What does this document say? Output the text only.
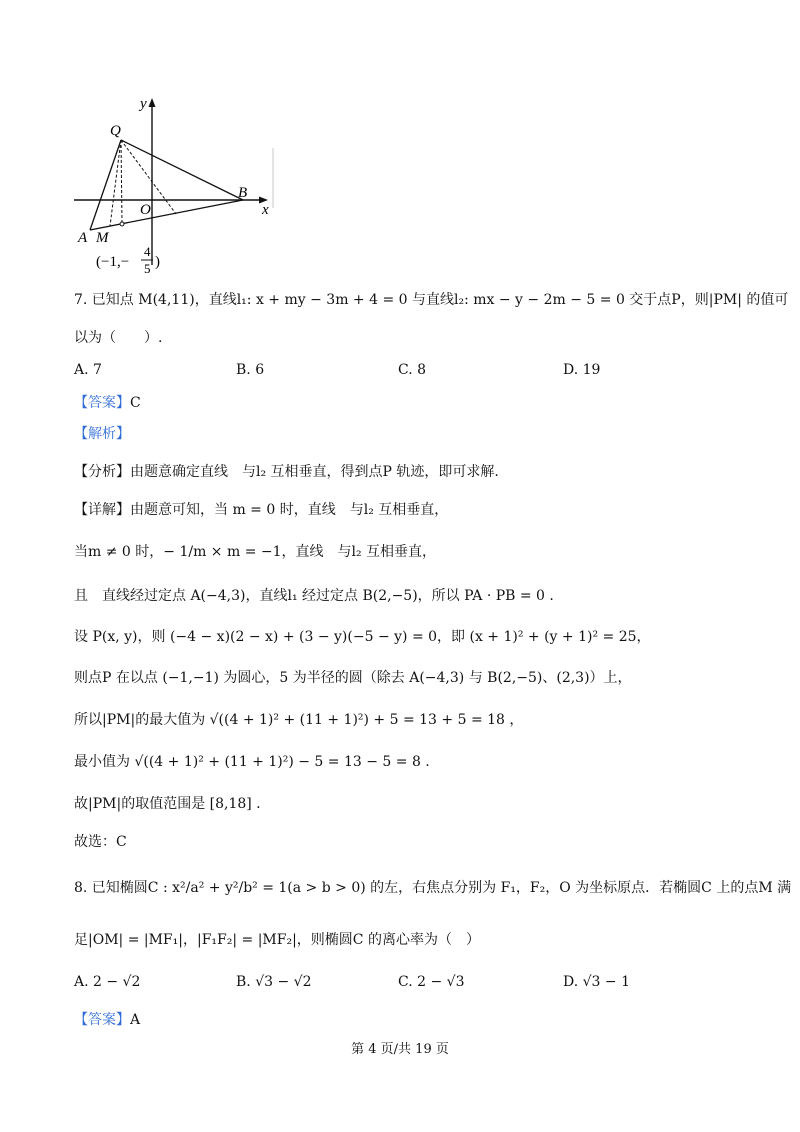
y
x
O
Q
B
A M
(−1,−
4
5 )
7. 已知点 M(4,11)，直线l₁: x + my − 3m + 4 = 0 与直线l₂: mx − y − 2m − 5 = 0 交于点P，则|PM| 的值可
以为（　　）.
A. 7	B. 6	C. 8	D. 19
【答案】C
【解析】
【分析】由题意确定直线　与l₂ 互相垂直，得到点P 轨迹，即可求解.
【详解】由题意可知，当 m = 0 时，直线　与l₂ 互相垂直，
当m ≠ 0 时，− 1/m × m = −1，直线　与l₂ 互相垂直，
且　直线经过定点 A(−4,3)，直线l₁ 经过定点 B(2,−5)，所以 PA · PB = 0 .
设 P(x, y)，则 (−4 − x)(2 − x) + (3 − y)(−5 − y) = 0，即 (x + 1)² + (y + 1)² = 25，
则点P 在以点 (−1,−1) 为圆心，5 为半径的圆（除去 A(−4,3) 与 B(2,−5)、(2,3)）上，
所以|PM|的最大值为 √((4 + 1)² + (11 + 1)²) + 5 = 13 + 5 = 18 ，
最小值为 √((4 + 1)² + (11 + 1)²) − 5 = 13 − 5 = 8 .
故|PM|的取值范围是 [8,18] .
故选：C
8. 已知椭圆C : x²/a² + y²/b² = 1(a > b > 0) 的左，右焦点分别为 F₁，F₂，O 为坐标原点．若椭圆C 上的点M 满
足|OM| = |MF₁|，|F₁F₂| = |MF₂|，则椭圆C 的离心率为（　）
A. 2 − √2	B. √3 − √2	C. 2 − √3	D. √3 − 1
【答案】A
第 4 页/共 19 页
